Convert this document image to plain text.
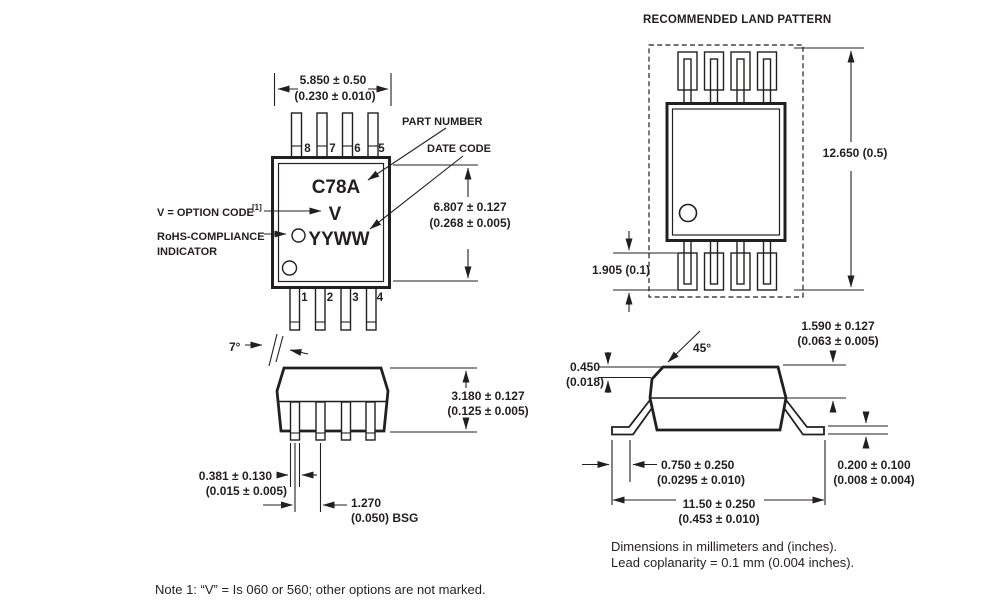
5.850 ± 0.50
(0.230 ± 0.010)
8 7 6 5
1 2 3 4
C78A
V
YYWW
6.807 ± 0.127
(0.268 ± 0.005)
PART NUMBER
DATE CODE
V = OPTION CODE
[1]
RoHS-COMPLIANCE
INDICATOR
RECOMMENDED LAND PATTERN
12.650 (0.5)
1.905 (0.1)
7°
3.180 ± 0.127
(0.125 ± 0.005)
0.381 ± 0.130
(0.015 ± 0.005)
1.270
(0.050) BSG
45°
0.450
(0.018)
1.590 ± 0.127
(0.063 ± 0.005)
0.200 ± 0.100
(0.008 ± 0.004)
0.750 ± 0.250
(0.0295 ± 0.010)
11.50 ± 0.250
(0.453 ± 0.010)
Dimensions in millimeters and (inches).
Lead coplanarity = 0.1 mm (0.004 inches).
Note 1: “V” = Is 060 or 560; other options are not marked.
